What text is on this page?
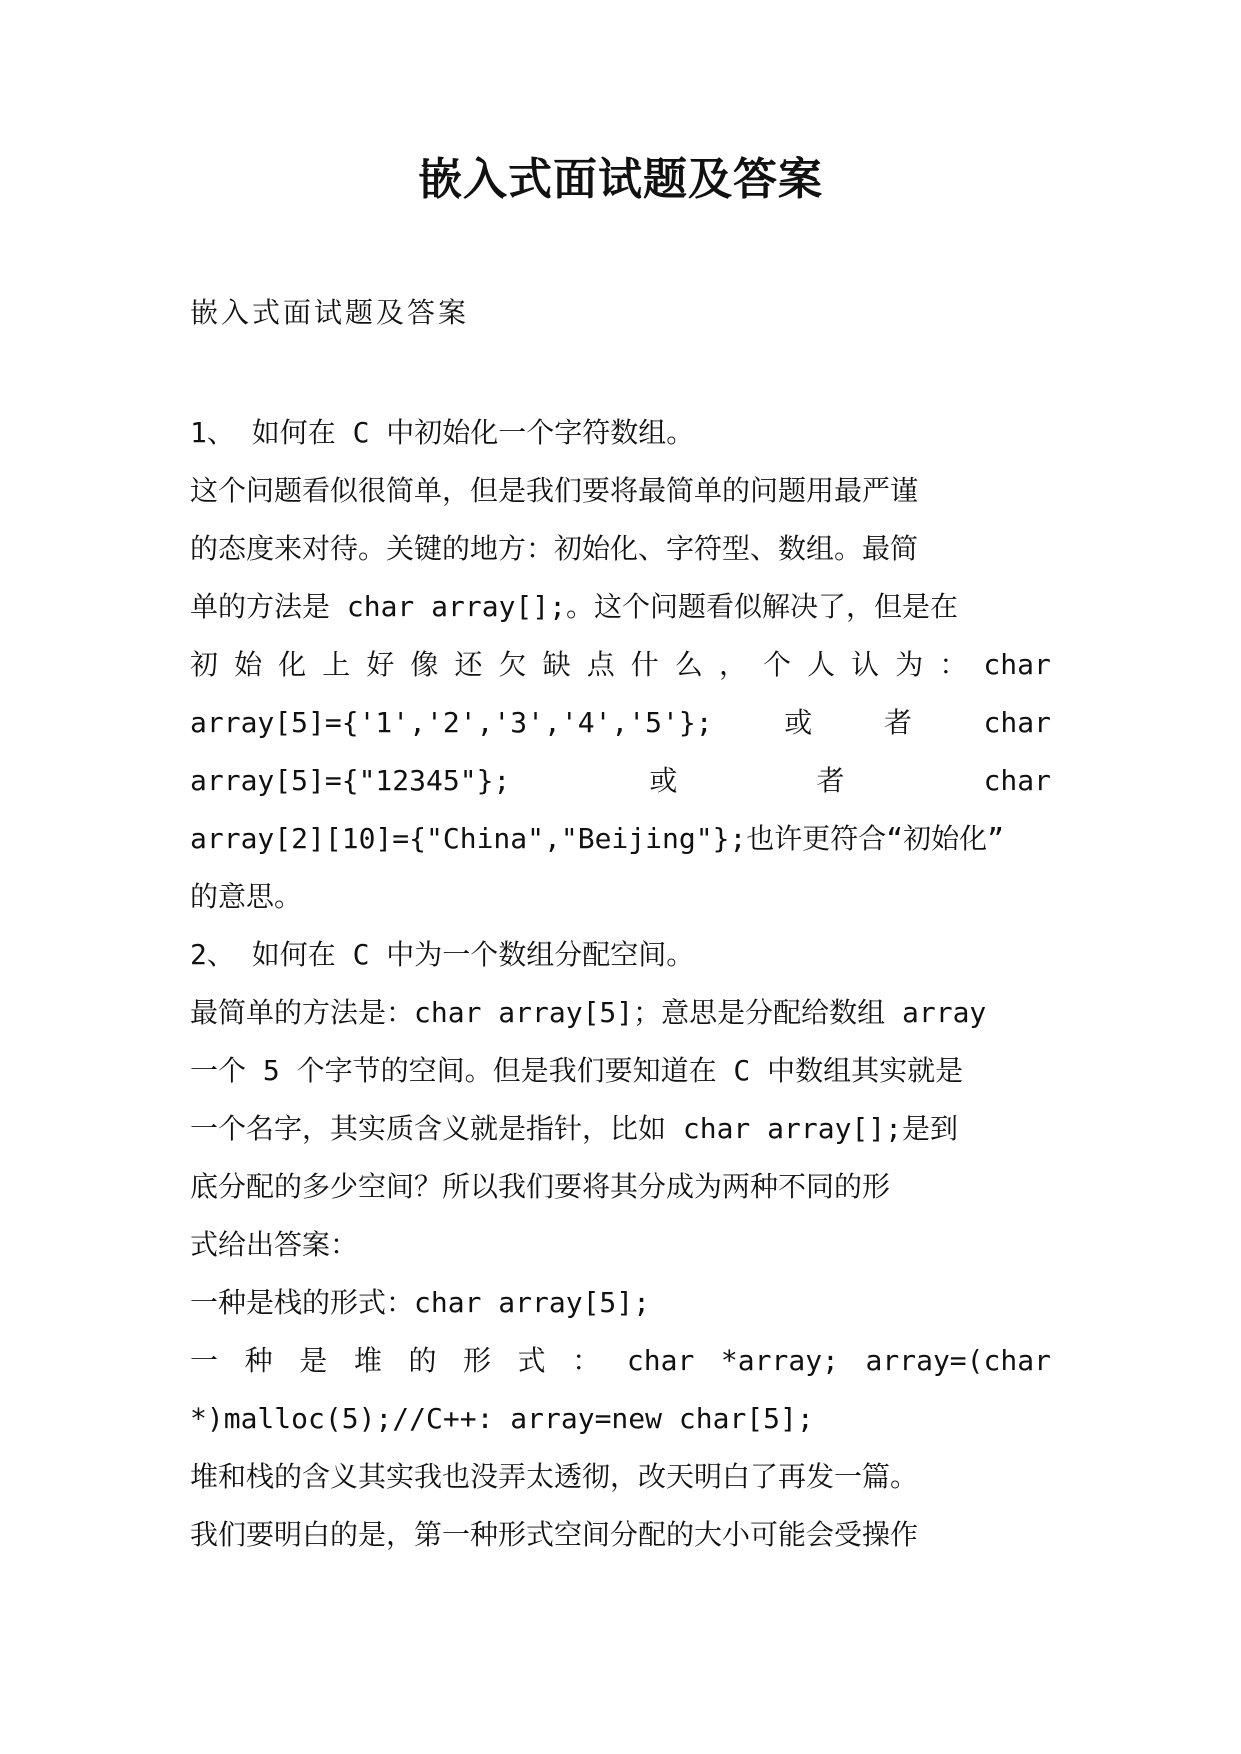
嵌入式面试题及答案
嵌入式面试题及答案
1、 如何在 C 中初始化一个字符数组。
这个问题看似很简单，但是我们要将最简单的问题用最严谨
的态度来对待。关键的地方：初始化、字符型、数组。最简
单的方法是 char array[];。这个问题看似解决了，但是在
初 始 化 上 好 像 还 欠 缺 点 什 么 ， 个 人 认 为 ： char
array[5]={'1','2','3','4','5'};	或	者	char
array[5]={"12345"};	或	者	char
array[2][10]={"China","Beijing"};也许更符合“初始化”
的意思。
2、 如何在 C 中为一个数组分配空间。
最简单的方法是：char array[5]；意思是分配给数组 array
一个 5 个字节的空间。但是我们要知道在 C 中数组其实就是
一个名字，其实质含义就是指针，比如 char array[];是到
底分配的多少空间？所以我们要将其分成为两种不同的形
式给出答案：
一种是栈的形式：char array[5];
一 种 是 堆 的 形 式 ： char *array; array=(char
*)malloc(5);//C++: array=new char[5];
堆和栈的含义其实我也没弄太透彻，改天明白了再发一篇。
我们要明白的是，第一种形式空间分配的大小可能会受操作
